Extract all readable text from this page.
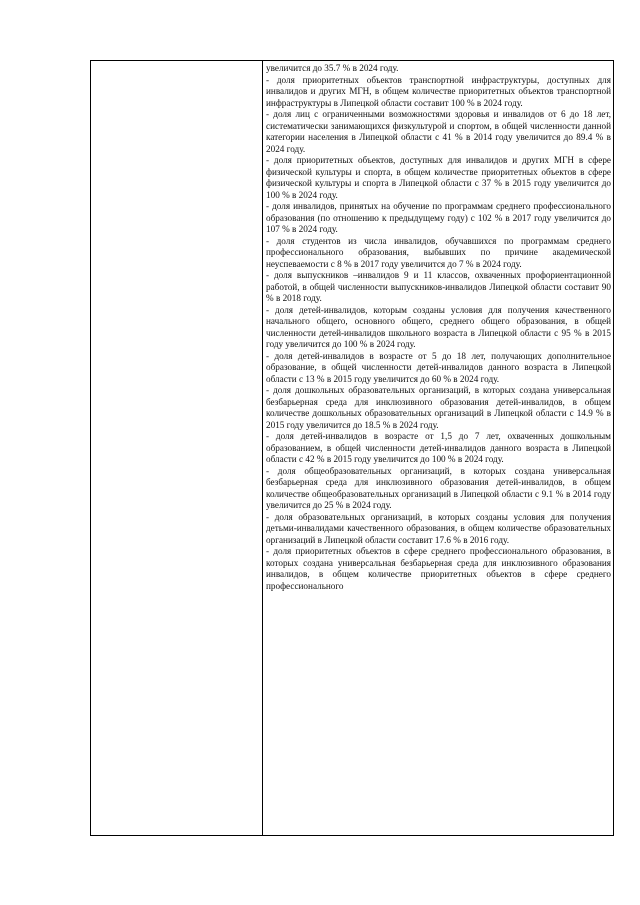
увеличится до 35.7 % в 2024 году.

- доля приоритетных объектов транспортной инфраструктуры, доступных для инвалидов и других МГН, в общем количестве приоритетных объектов транспортной инфраструктуры в Липецкой области составит 100 % в 2024 году.

- доля лиц с ограниченными возможностями здоровья и инвалидов от 6 до 18 лет, систематически занимающихся физкультурой и спортом, в общей численности данной категории населения в Липецкой области с 41 % в 2014 году увеличится до 89.4 % в 2024 году.

- доля приоритетных объектов, доступных для инвалидов и других МГН в сфере физической культуры и спорта, в общем количестве приоритетных объектов в сфере физической культуры и спорта в Липецкой области с 37 % в 2015 году увеличится до 100 % в 2024 году.

- доля инвалидов, принятых на обучение по программам среднего профессионального образования (по отношению к предыдущему году) с 102 % в 2017 году увеличится до 107 % в 2024 году.

- доля студентов из числа инвалидов, обучавшихся по программам среднего профессионального образования, выбывших по причине академической неуспеваемости с 8 % в 2017 году увеличится до 7 % в 2024 году.

- доля выпускников –инвалидов 9 и 11 классов, охваченных профориентационной работой, в общей численности выпускников-инвалидов Липецкой области составит 90 % в 2018 году.

- доля детей-инвалидов, которым созданы условия для получения качественного начального общего, основного общего, среднего общего образования, в общей численности детей-инвалидов школьного возраста в Липецкой области с 95 % в 2015 году увеличится до 100 % в 2024 году.

- доля детей-инвалидов в возрасте от 5 до 18 лет, получающих дополнительное образование, в общей численности детей-инвалидов данного возраста в Липецкой области с 13 % в 2015 году увеличится до 60 % в 2024 году.

- доля дошкольных образовательных организаций, в которых создана универсальная безбарьерная среда для инклюзивного образования детей-инвалидов, в общем количестве дошкольных образовательных организаций в Липецкой области с 14.9 % в 2015 году увеличится до 18.5 % в 2024 году.

- доля детей-инвалидов в возрасте от 1,5 до 7 лет, охваченных дошкольным образованием, в общей численности детей-инвалидов данного возраста в Липецкой области с 42 % в 2015 году увеличится до 100 % в 2024 году.

- доля общеобразовательных организаций, в которых создана универсальная безбарьерная среда для инклюзивного образования детей-инвалидов, в общем количестве общеобразовательных организаций в Липецкой области с 9.1 % в 2014 году увеличится до 25 % в 2024 году.

- доля образовательных организаций, в которых созданы условия для получения детьми-инвалидами качественного образования, в общем количестве образовательных организаций в Липецкой области составит 17.6 % в 2016 году.

- доля приоритетных объектов в сфере среднего профессионального образования, в которых создана универсальная безбарьерная среда для инклюзивного образования инвалидов, в общем количестве приоритетных объектов в сфере среднего профессионального
